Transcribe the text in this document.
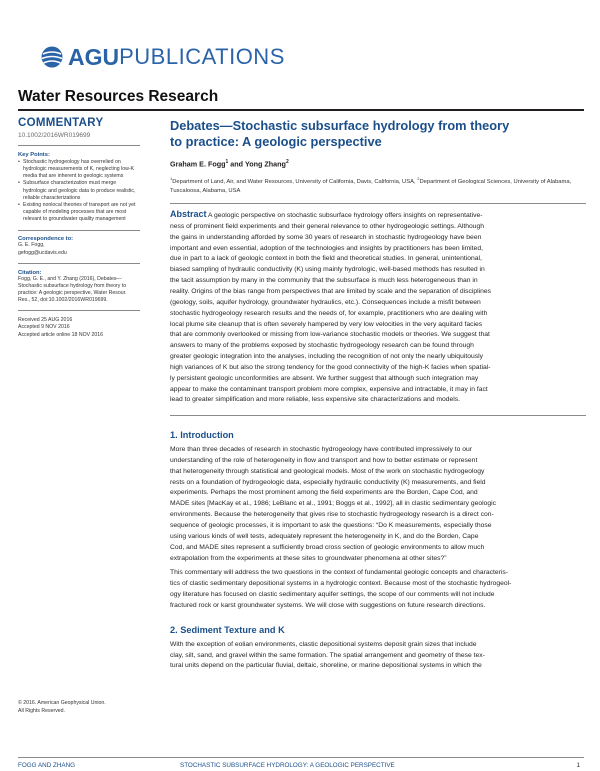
AGU PUBLICATIONS
Water Resources Research
COMMENTARY
10.1002/2016WR019699
Key Points:
• Stochastic hydrogeology has overrelied on hydrologic measurements of K, neglecting low-K media that are inherent to geologic systems
• Subsurface characterization must merge hydrologic and geologic data to produce realistic, reliable characterizations
• Existing nonlocal theories of transport are not yet capable of modeling processes that are most relevant to groundwater quality management
Correspondence to:
G. E. Fogg,
gefogg@ucdavis.edu
Citation:
Fogg, G. E., and Y. Zhang (2016), Debates—Stochastic subsurface hydrology from theory to practice: A geologic perspective, Water Resour. Res., 52, doi:10.1002/2016WR019699.
Received 25 AUG 2016
Accepted 9 NOV 2016
Accepted article online 18 NOV 2016
© 2016. American Geophysical Union.
All Rights Reserved.
Debates—Stochastic subsurface hydrology from theory
to practice: A geologic perspective
Graham E. Fogg$^1$ and Yong Zhang$^2$
$^1$Department of Land, Air, and Water Resources, University of California, Davis, California, USA, $^2$Department of Geological Sciences, University of Alabama, Tuscaloosa, Alabama, USA

Abstract A geologic perspective on stochastic subsurface hydrology offers insights on representative-
ness of prominent field experiments and their general relevance to other hydrogeologic settings. Although
the gains in understanding afforded by some 30 years of research in stochastic hydrogeology have been
important and even essential, adoption of the technologies and insights by practitioners has been limited,
due in part to a lack of geologic context in both the field and theoretical studies. In general, unintentional,
biased sampling of hydraulic conductivity (K) using mainly hydrologic, well-based methods has resulted in
the tacit assumption by many in the community that the subsurface is much less heterogeneous than in
reality. Origins of the bias range from perspectives that are limited by scale and the separation of disciplines
(geology, soils, aquifer hydrology, groundwater hydraulics, etc.). Consequences include a misfit between
stochastic hydrogeology research results and the needs of, for example, practitioners who are dealing with
local plume site cleanup that is often severely hampered by very low velocities in the very aquitard facies
that are commonly overlooked or missing from low-variance stochastic models or theories. We suggest that
answers to many of the problems exposed by stochastic hydrogeology research can be found through
greater geologic integration into the analyses, including the recognition of not only the nearly ubiquitously
high variances of K but also the strong tendency for the good connectivity of the high-K facies when spatial-
ly persistent geologic unconformities are absent. We further suggest that although such integration may
appear to make the contaminant transport problem more complex, expensive and intractable, it may in fact
lead to greater simplification and more reliable, less expensive site characterizations and models.

1. Introduction

More than three decades of research in stochastic hydrogeology have contributed impressively to our
understanding of the role of heterogeneity in flow and transport and how to better estimate or represent
that heterogeneity through statistical and geological models. Most of the work on stochastic hydrogeology
rests on a foundation of hydrogeologic data, especially hydraulic conductivity (K) measurements, and field
experiments. Perhaps the most prominent among the field experiments are the Borden, Cape Cod, and
MADE sites [MacKay et al., 1986; LeBlanc et al., 1991; Boggs et al., 1992], all in clastic sedimentary geologic
environments. Because the heterogeneity that gives rise to stochastic hydrogeology research is a direct con-
sequence of geologic processes, it is important to ask the questions: “Do K measurements, especially those
using various kinds of well tests, adequately represent the heterogeneity in K, and do the Borden, Cape
Cod, and MADE sites represent a sufficiently broad cross section of geologic environments to allow much
extrapolation from the experiments at these sites to groundwater phenomena at other sites?”

This commentary will address the two questions in the context of fundamental geologic concepts and characteris-
tics of clastic sedimentary depositional systems in a hydrologic context. Because most of the stochastic hydrogeol-
ogy literature has focused on clastic sedimentary aquifer settings, the scope of our comments will not include
fractured rock or karst groundwater systems. We will close with suggestions on future research directions.

2. Sediment Texture and K

With the exception of eolian environments, clastic depositional systems deposit grain sizes that include
clay, silt, sand, and gravel within the same formation. The spatial arrangement and geometry of these tex-
tural units depend on the particular fluvial, deltaic, shoreline, or marine depositional systems in which the

FOGG AND ZHANG	STOCHASTIC SUBSURFACE HYDROLOGY: A GEOLOGIC PERSPECTIVE	1
